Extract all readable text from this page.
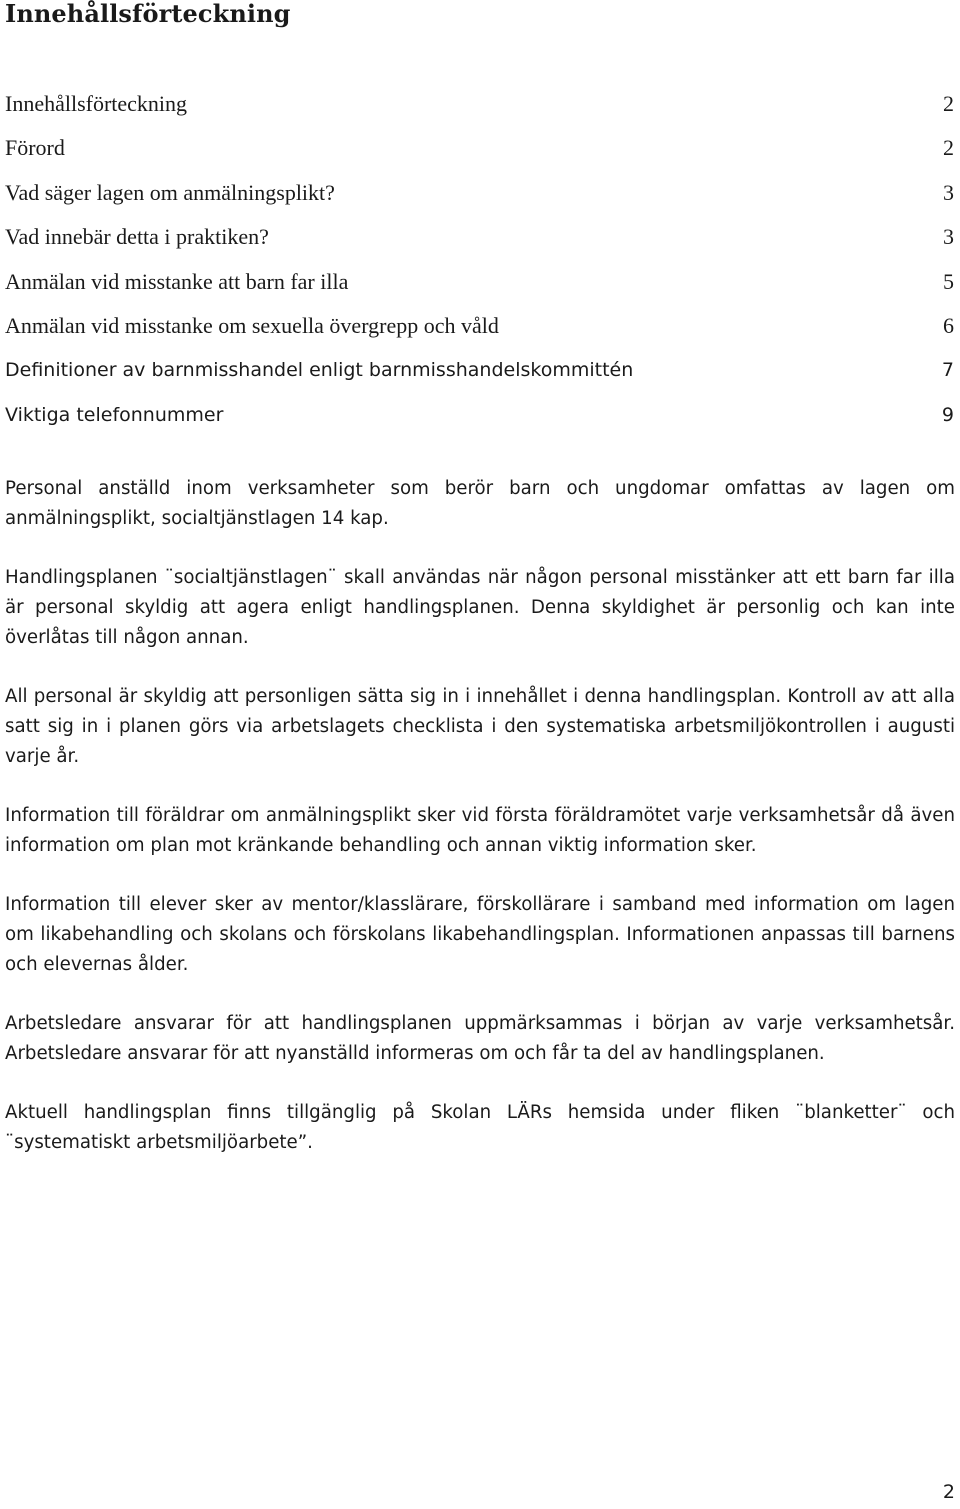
Innehållsförteckning
Innehållsförteckning	2
Förord	2
Vad säger lagen om anmälningsplikt?	3
Vad innebär detta i praktiken?	3
Anmälan vid misstanke att barn far illa	5
Anmälan vid misstanke om sexuella övergrepp och våld	6
Definitioner av barnmisshandel enligt barnmisshandelskommittén	7
Viktiga telefonnummer	9

Personal anställd inom verksamheter som berör barn och ungdomar omfattas av lagen om anmälningsplikt, socialtjänstlagen 14 kap.

Handlingsplanen ¨socialtjänstlagen¨ skall användas när någon personal misstänker att ett barn far illa är personal skyldig att agera enligt handlingsplanen. Denna skyldighet är personlig och kan inte överlåtas till någon annan.

All personal är skyldig att personligen sätta sig in i innehållet i denna handlingsplan. Kontroll av att alla satt sig in i planen görs via arbetslagets checklista i den systematiska arbetsmiljökontrollen i augusti varje år.

Information till föräldrar om anmälningsplikt sker vid första föräldramötet varje verksamhetsår då även information om plan mot kränkande behandling och annan viktig information sker.

Information till elever sker av mentor/klasslärare, förskollärare i samband med information om lagen om likabehandling och skolans och förskolans likabehandlingsplan. Informationen anpassas till barnens och elevernas ålder.

Arbetsledare ansvarar för att handlingsplanen uppmärksammas i början av varje verksamhetsår. Arbetsledare ansvarar för att nyanställd informeras om och får ta del av handlingsplanen.

Aktuell handlingsplan finns tillgänglig på Skolan LÄRs hemsida under fliken ¨blanketter¨ och ¨systematiskt arbetsmiljöarbete”.

2
